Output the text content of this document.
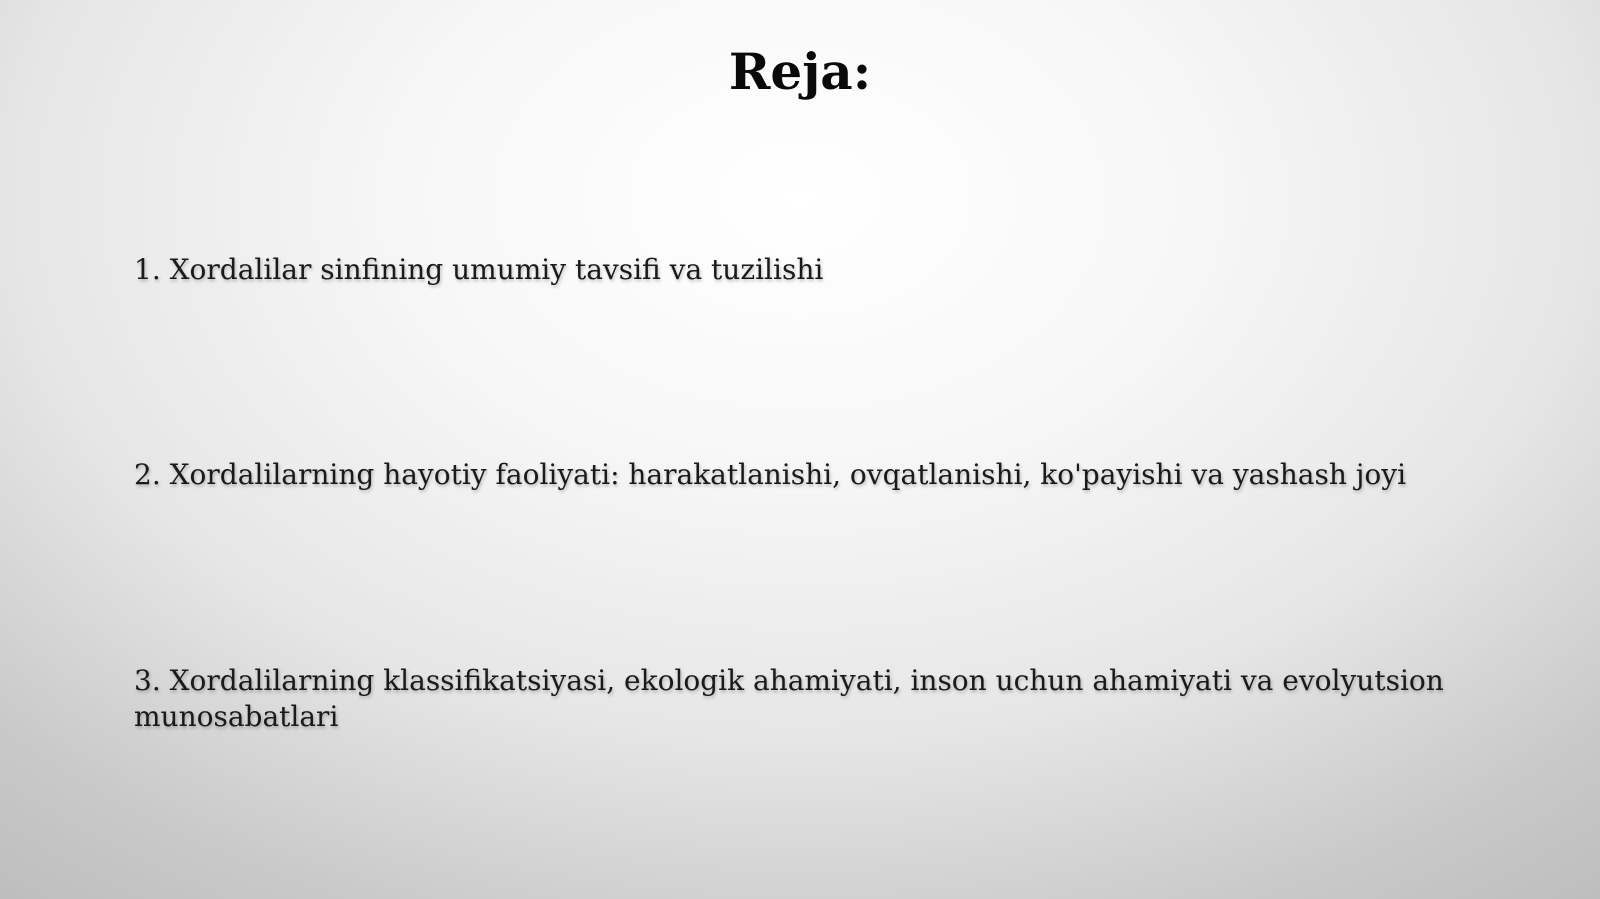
Reja:
1. Xordalilar sinfining umumiy tavsifi va tuzilishi
2. Xordalilarning hayotiy faoliyati: harakatlanishi, ovqatlanishi, ko'payishi va yashash joyi
3. Xordalilarning klassifikatsiyasi, ekologik ahamiyati, inson uchun ahamiyati va evolyutsion munosabatlari
